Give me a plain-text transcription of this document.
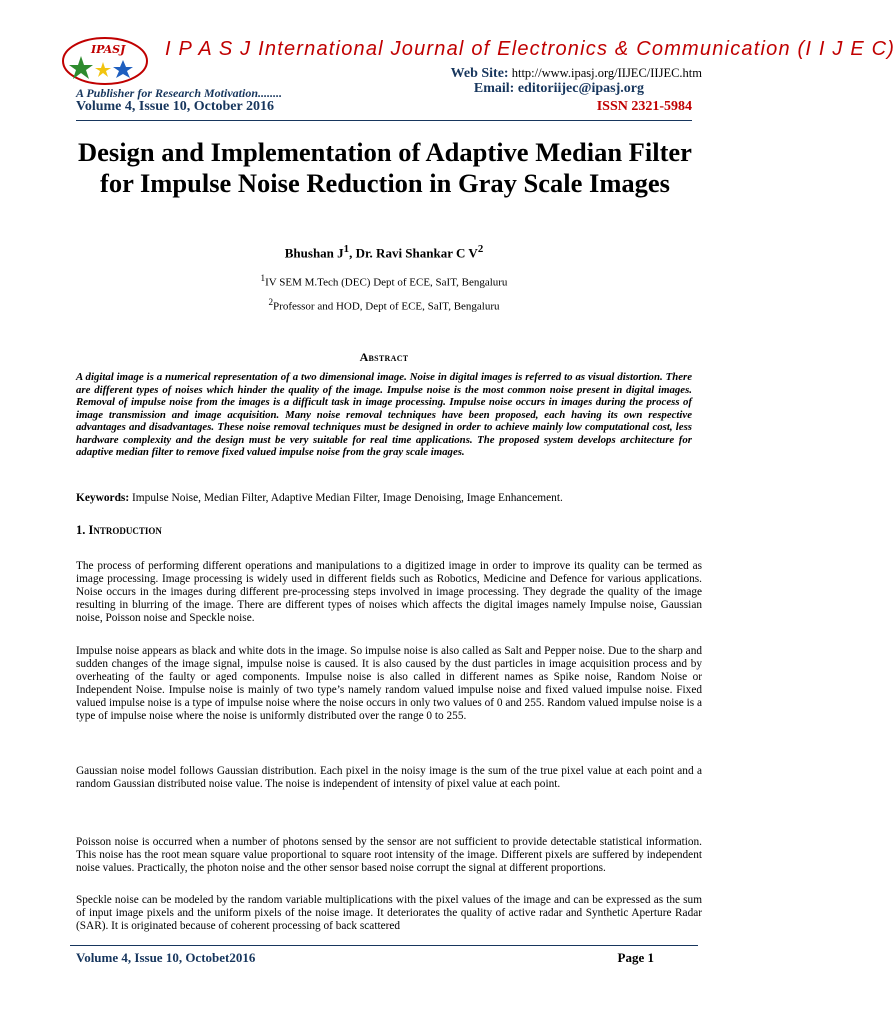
IPASJ I P A S J International Journal of Electronics & Communication (I I J E C)
Web Site: http://www.ipasj.org/IIJEC/IIJEC.htm
A Publisher for Research Motivation........	Email: editoriijec@ipasj.org
Volume 4, Issue 10, October 2016	ISSN 2321-5984
Design and Implementation of Adaptive Median Filter for Impulse Noise Reduction in Gray Scale Images
Bhushan $J^1$, Dr. Ravi Shankar C $V^2$
$^1$IV SEM M.Tech (DEC) Dept of ECE, SaIT, Bengaluru
$^2$Professor and HOD, Dept of ECE, SaIT, Bengaluru
Abstract
A digital image is a numerical representation of a two dimensional image. Noise in digital images is referred to as visual distortion. There are different types of noises which hinder the quality of the image. Impulse noise is the most common noise present in digital images. Removal of impulse noise from the images is a difficult task in image processing. Impulse noise occurs in images during the process of image transmission and image acquisition. Many noise removal techniques have been proposed, each having its own respective advantages and disadvantages. These noise removal techniques must be designed in order to achieve mainly low computational cost, less hardware complexity and the design must be very suitable for real time applications. The proposed system develops architecture for adaptive median filter to remove fixed valued impulse noise from the gray scale images.
Keywords: Impulse Noise, Median Filter, Adaptive Median Filter, Image Denoising, Image Enhancement.
1. Introduction
The process of performing different operations and manipulations to a digitized image in order to improve its quality can be termed as image processing. Image processing is widely used in different fields such as Robotics, Medicine and Defence for various applications. Noise occurs in the images during different pre-processing steps involved in image processing. They degrade the quality of the image resulting in blurring of the image. There are different types of noises which affects the digital images namely Impulse noise, Gaussian noise, Poisson noise and Speckle noise.
Impulse noise appears as black and white dots in the image. So impulse noise is also called as Salt and Pepper noise. Due to the sharp and sudden changes of the image signal, impulse noise is caused. It is also caused by the dust particles in image acquisition process and by overheating of the faulty or aged components. Impulse noise is also called in different names as Spike noise, Random Noise or Independent Noise. Impulse noise is mainly of two type’s namely random valued impulse noise and fixed valued impulse noise. Fixed valued impulse noise is a type of impulse noise where the noise occurs in only two values of 0 and 255. Random valued impulse noise is a type of impulse noise where the noise is uniformly distributed over the range 0 to 255.
Gaussian noise model follows Gaussian distribution. Each pixel in the noisy image is the sum of the true pixel value at each point and a random Gaussian distributed noise value. The noise is independent of intensity of pixel value at each point.
Poisson noise is occurred when a number of photons sensed by the sensor are not sufficient to provide detectable statistical information. This noise has the root mean square value proportional to square root intensity of the image. Different pixels are suffered by independent noise values. Practically, the photon noise and the other sensor based noise corrupt the signal at different proportions.
Speckle noise can be modeled by the random variable multiplications with the pixel values of the image and can be expressed as the sum of input image pixels and the uniform pixels of the noise image. It deteriorates the quality of active radar and Synthetic Aperture Radar (SAR). It is originated because of coherent processing of back scattered
Volume 4, Issue 10, Octobet2016	Page 1
